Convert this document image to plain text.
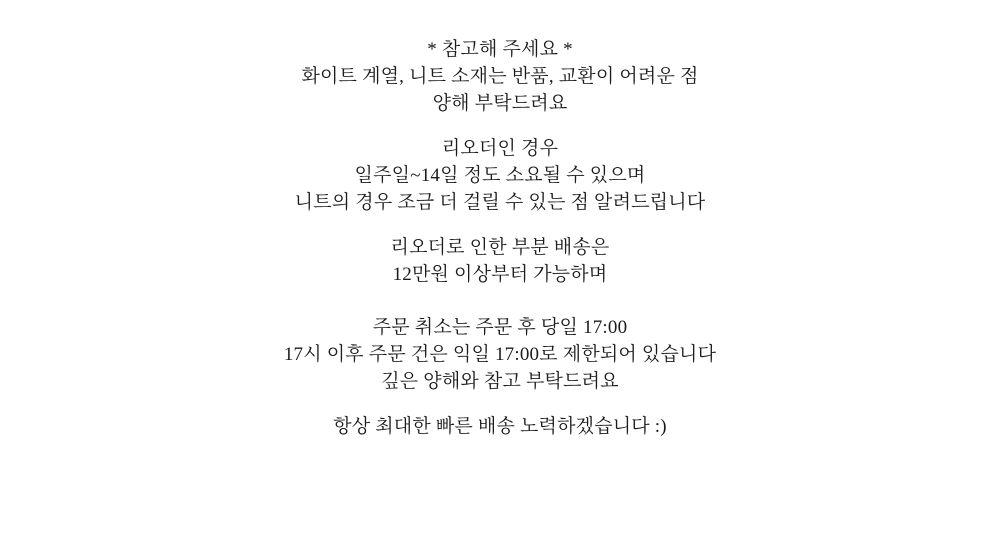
* 참고해 주세요 *
화이트 계열, 니트 소재는 반품, 교환이 어려운 점
양해 부탁드려요

리오더인 경우
일주일~14일 정도 소요될 수 있으며
니트의 경우 조금 더 걸릴 수 있는 점 알려드립니다

리오더로 인한 부분 배송은
12만원 이상부터 가능하며

주문 취소는 주문 후 당일 17:00
17시 이후 주문 건은 익일 17:00로 제한되어 있습니다
깊은 양해와 참고 부탁드려요

항상 최대한 빠른 배송 노력하겠습니다 :)
